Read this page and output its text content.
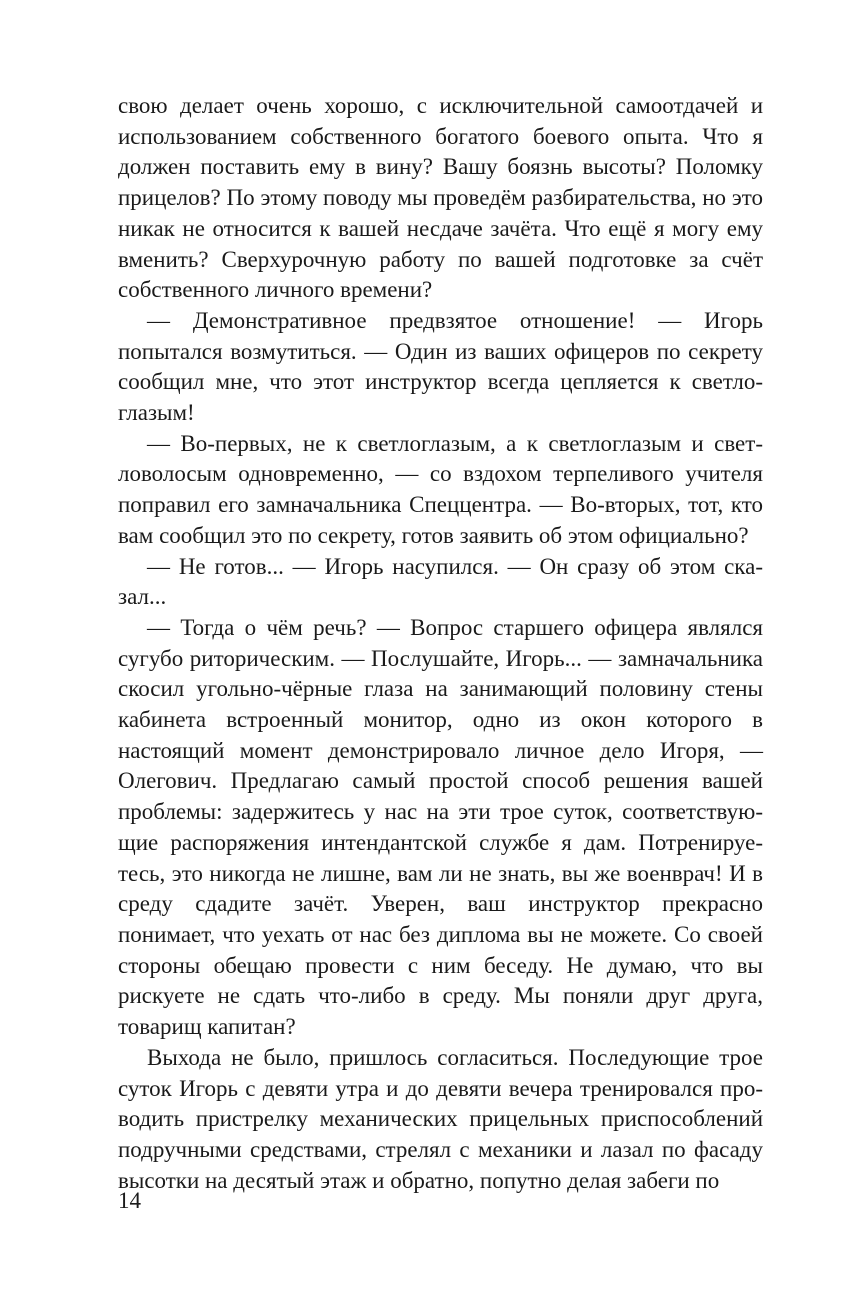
свою делает очень хорошо, с исключительной самоотдачей и использованием собственного богатого боевого опыта. Что я должен поставить ему в вину? Вашу боязнь высоты? Поломку прицелов? По этому поводу мы проведём разбирательства, но это никак не относится к вашей несдаче зачёта. Что ещё я могу ему вменить? Сверхурочную работу по вашей подготовке за счёт собственного личного времени?

— Демонстративное предвзятое отношение! — Игорь попытался возмутиться. — Один из ваших офицеров по секрету сообщил мне, что этот инструктор всегда цепляется к светлоглазым!

— Во-первых, не к светлоглазым, а к светлоглазым и светловолосым одновременно, — со вздохом терпеливого учителя поправил его замначальника Спеццентра. — Во-вторых, тот, кто вам сообщил это по секрету, готов заявить об этом официально?

— Не готов... — Игорь насупился. — Он сразу об этом сказал...

— Тогда о чём речь? — Вопрос старшего офицера являлся сугубо риторическим. — Послушайте, Игорь... — замначальника скосил угольно-чёрные глаза на занимающий половину стены кабинета встроенный монитор, одно из окон которого в настоящий момент демонстрировало личное дело Игоря, — Олегович. Предлагаю самый простой способ решения вашей проблемы: задержитесь у нас на эти трое суток, соответствующие распоряжения интендантской службе я дам. Потренируетесь, это никогда не лишне, вам ли не знать, вы же военврач! И в среду сдадите зачёт. Уверен, ваш инструктор прекрасно понимает, что уехать от нас без диплома вы не можете. Со своей стороны обещаю провести с ним беседу. Не думаю, что вы рискуете не сдать что-либо в среду. Мы поняли друг друга, товарищ капитан?

Выхода не было, пришлось согласиться. Последующие трое суток Игорь с девяти утра и до девяти вечера тренировался проводить пристрелку механических прицельных приспособлений подручными средствами, стрелял с механики и лазал по фасаду высотки на десятый этаж и обратно, попутно делая забеги по

14
